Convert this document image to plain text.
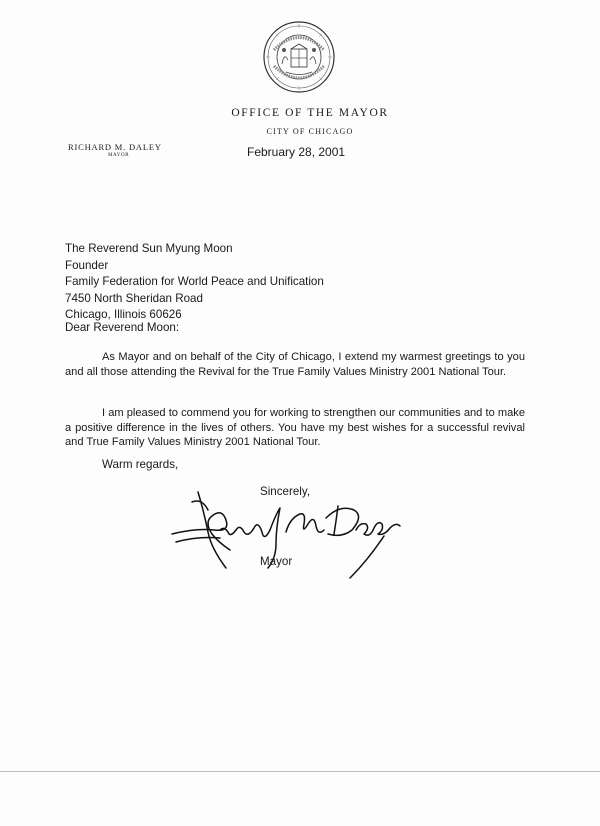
OFFICE OF THE MAYOR
CITY OF CHICAGO
RICHARD M. DALEY
MAYOR	February 28, 2001
The Reverend Sun Myung Moon
Founder
Family Federation for World Peace and Unification
7450 North Sheridan Road
Chicago, Illinois 60626
Dear Reverend Moon:
As Mayor and on behalf of the City of Chicago, I extend my warmest greetings to you and all those attending the Revival for the True Family Values Ministry 2001 National Tour.
I am pleased to commend you for working to strengthen our communities and to make a positive difference in the lives of others. You have my best wishes for a successful revival and True Family Values Ministry 2001 National Tour.
Warm regards,
Sincerely,
Mayor
